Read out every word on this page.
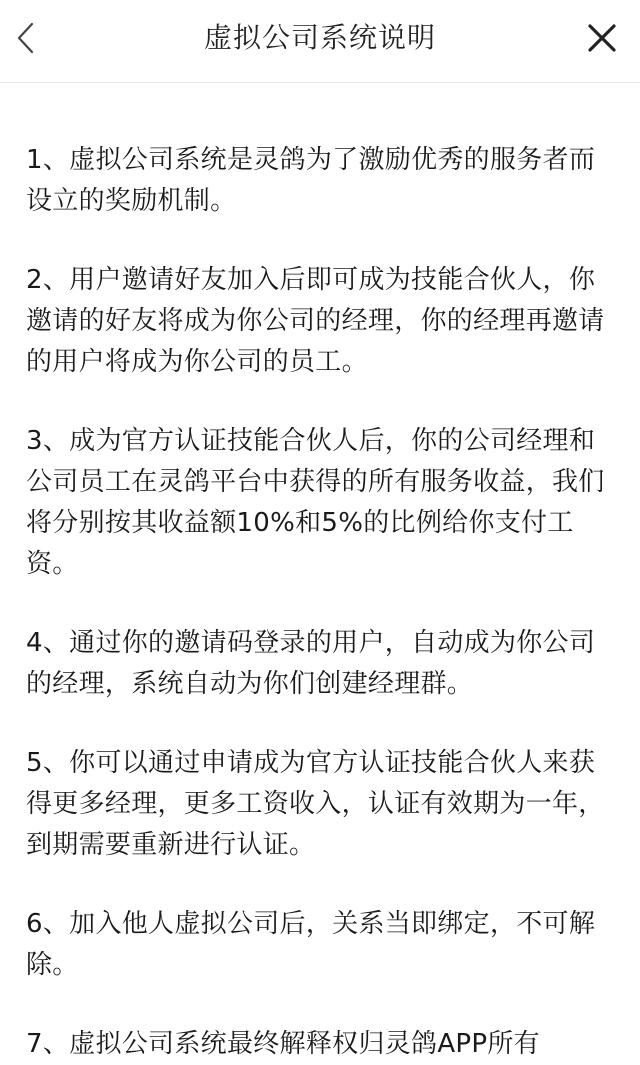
虚拟公司系统说明

1、虚拟公司系统是灵鸽为了激励优秀的服务者而设立的奖励机制。

2、用户邀请好友加入后即可成为技能合伙人，你邀请的好友将成为你公司的经理，你的经理再邀请的用户将成为你公司的员工。

3、成为官方认证技能合伙人后，你的公司经理和公司员工在灵鸽平台中获得的所有服务收益，我们将分别按其收益额10%和5%的比例给你支付工资。

4、通过你的邀请码登录的用户，自动成为你公司的经理，系统自动为你们创建经理群。

5、你可以通过申请成为官方认证技能合伙人来获得更多经理，更多工资收入，认证有效期为一年，到期需要重新进行认证。

6、加入他人虚拟公司后，关系当即绑定，不可解除。

7、虚拟公司系统最终解释权归灵鸽APP所有
